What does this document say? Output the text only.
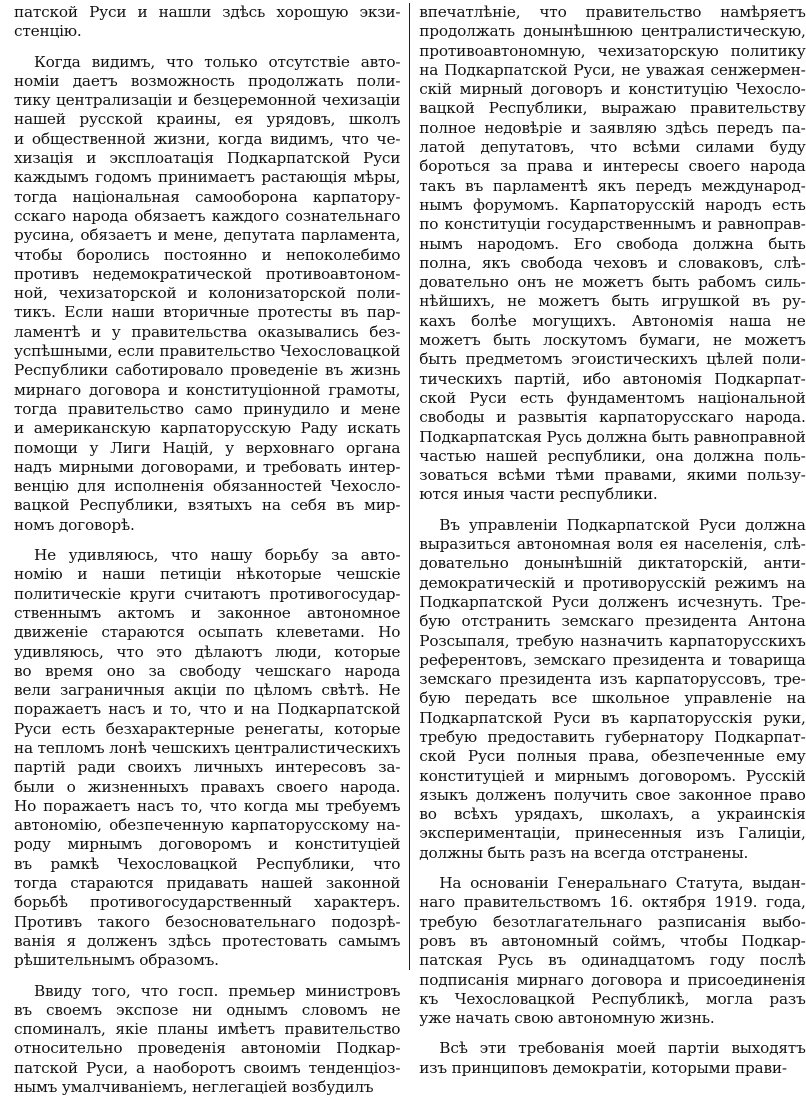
патской Руси и нашли здѣсь хорошую экзи-
стенцію.
Когда видимъ, что только отсутствіе авто-
номіи даетъ возможность продолжать поли-
тику централизаціи и безцеремонной чехизаціи
нашей русской краины, ея урядовъ, школъ
и общественной жизни, когда видимъ, что че-
хизація и эксплоатація Подкарпатской Руси
каждымъ годомъ принимаетъ растающія мѣры,
тогда національная самооборона карпатору-
сскаго народа обязаетъ каждого сознательнаго
русина, обязаетъ и мене, депутата парламента,
чтобы боролись постоянно и непоколебимо
противъ недемократической противоавтоном-
ной, чехизаторской и колонизаторской поли-
тикъ. Если наши вторичные протесты въ пар-
ламентѣ и у правительства оказывались без-
успѣшными, если правительство Чехословацкой
Республики саботировало проведеніе въ жизнь
мирнаго договора и конституціонной грамоты,
тогда правительство само принудило и мене
и американскую карпаторусскую Раду искать
помощи у Лиги Націй, у верховнаго органа
надъ мирными договорами, и требовать интер-
венцію для исполненія обязанностей Чехосло-
вацкой Республики, взятыхъ на себя въ мир-
номъ договорѣ.
Не удивляюсь, что нашу борьбу за авто-
номію и наши петиціи нѣкоторые чешскіе
политическіе круги считаютъ противогосудар-
ственнымъ актомъ и законное автономное
движеніе стараются осыпать клеветами. Но
удивляюсь, что это дѣлаютъ люди, которые
во время оно за свободу чешскаго народа
вели заграничныя акціи по цѣломъ свѣтѣ. Не
поражаетъ насъ и то, что и на Подкарпатской
Руси есть безхарактерные ренегаты, которые
на тепломъ лонѣ чешскихъ централистическихъ
партій ради своихъ личныхъ интересовъ за-
были о жизненныхъ правахъ своего народа.
Но поражаетъ насъ то, что когда мы требуемъ
автономію, обезпеченную карпаторусскому на-
роду мирнымъ договоромъ и конституціей
въ рамкѣ Чехословацкой Республики, что
тогда стараются придавать нашей законной
борьбѣ противогосударственный характеръ.
Противъ такого безосновательнаго подозрѣ-
ванія я долженъ здѣсь протестовать самымъ
рѣшительнымъ образомъ.
Ввиду того, что госп. премьер министровъ
въ своемъ экспозе ни однымъ словомъ не
споминалъ, якіе планы имѣетъ правительство
относительно проведенія автономіи Подкар-
патской Руси, а наоборотъ своимъ тенденціоз-
нымъ умалчиваніемъ, неглегаціей возбудилъ
впечатлѣніе, что правительство намѣряетъ
продолжать донынѣшнюю централистическую,
противоавтономную, чехизаторскую политику
на Подкарпатской Руси, не уважая сенжермен-
скій мирный договоръ и конституцію Чехосло-
вацкой Республики, выражаю правительству
полное недовѣріе и заявляю здѣсь передъ па-
латой депутатовъ, что всѣми силами буду
бороться за права и интересы своего народа
такъ въ парламентѣ якъ передъ международ-
нымъ форумомъ. Карпаторусскій народъ есть
по конституціи государственнымъ и равноправ-
нымъ народомъ. Его свобода должна быть
полна, якъ свобода чеховъ и словаковъ, слѣ-
довательно онъ не можетъ быть рабомъ силь-
нѣйшихъ, не можетъ быть игрушкой въ ру-
кахъ болѣе могущихъ. Автономія наша не
можетъ быть лоскутомъ бумаги, не можетъ
быть предметомъ эгоистическихъ цѣлей поли-
тическихъ партій, ибо автономія Подкарпат-
ской Руси есть фундаментомъ національной
свободы и развытія карпаторусскаго народа.
Подкарпатская Русь должна быть равноправной
частью нашей республики, она должна поль-
зоваться всѣми тѣми правами, якими пользу-
ются иныя части республики.
Въ управленіи Подкарпатской Руси должна
выразиться автономная воля ея населенія, слѣ-
довательно донынѣшній диктаторскій, анти-
демократическій и противорусскій режимъ на
Подкарпатской Руси долженъ исчезнуть. Тре-
бую отстранить земскаго президента Антона
Розсыпаля, требую назначить карпаторусскихъ
референтовъ, земскаго президента и товарища
земскаго президента изъ карпаторуссовъ, тре-
бую передать все школьное управленіе на
Подкарпатской Руси въ карпаторусскія руки,
требую предоставить губернатору Подкарпат-
ской Руси полныя права, обезпеченные ему
конституціей и мирнымъ договоромъ. Русскій
языкъ долженъ получить свое законное право
во всѣхъ урядахъ, школахъ, а украинскія
экспериментаціи, принесенныя изъ Галиціи,
должны быть разъ на всегда отстранены.
На основаніи Генеральнаго Статута, выдан-
наго правительствомъ 16. октября 1919. года,
требую безотлагательнаго разписанія выбо-
ровъ въ автономный соймъ, чтобы Подкар-
патская Русь въ одинадцатомъ году послѣ
подписанія мирнаго договора и присоединенія
къ Чехословацкой Республикѣ, могла разъ
уже начать свою автономную жизнь.
Всѣ эти требованія моей партіи выходятъ
изъ принциповъ демократіи, которыми прави-
